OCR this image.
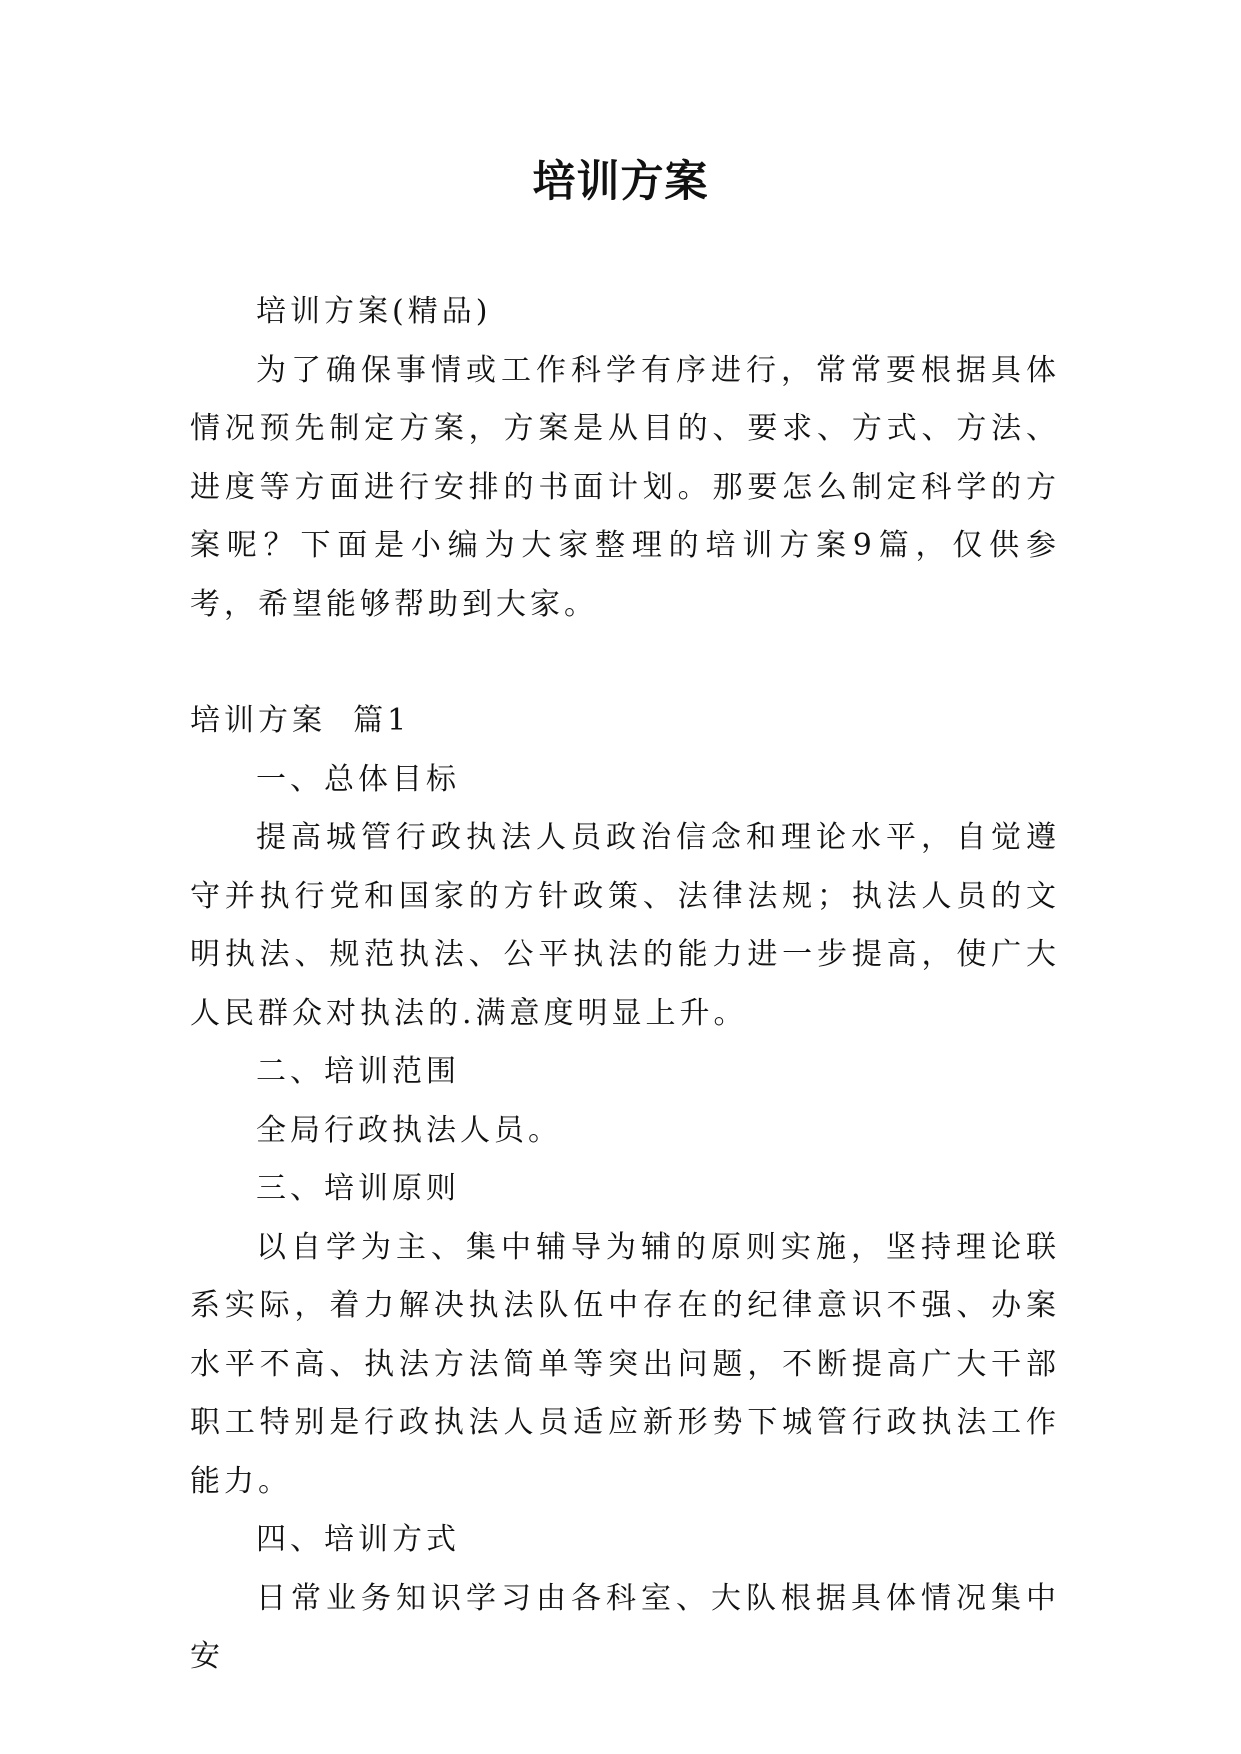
培训方案

培训方案(精品)

为了确保事情或工作科学有序进行，常常要根据具体情况预先制定方案，方案是从目的、要求、方式、方法、进度等方面进行安排的书面计划。那要怎么制定科学的方案呢？下面是小编为大家整理的培训方案9篇，仅供参考，希望能够帮助到大家。

培训方案  篇1

一、总体目标

提高城管行政执法人员政治信念和理论水平，自觉遵守并执行党和国家的方针政策、法律法规；执法人员的文明执法、规范执法、公平执法的能力进一步提高，使广大人民群众对执法的.满意度明显上升。

二、培训范围

全局行政执法人员。

三、培训原则

以自学为主、集中辅导为辅的原则实施，坚持理论联系实际，着力解决执法队伍中存在的纪律意识不强、办案水平不高、执法方法简单等突出问题，不断提高广大干部职工特别是行政执法人员适应新形势下城管行政执法工作能力。

四、培训方式

日常业务知识学习由各科室、大队根据具体情况集中安
